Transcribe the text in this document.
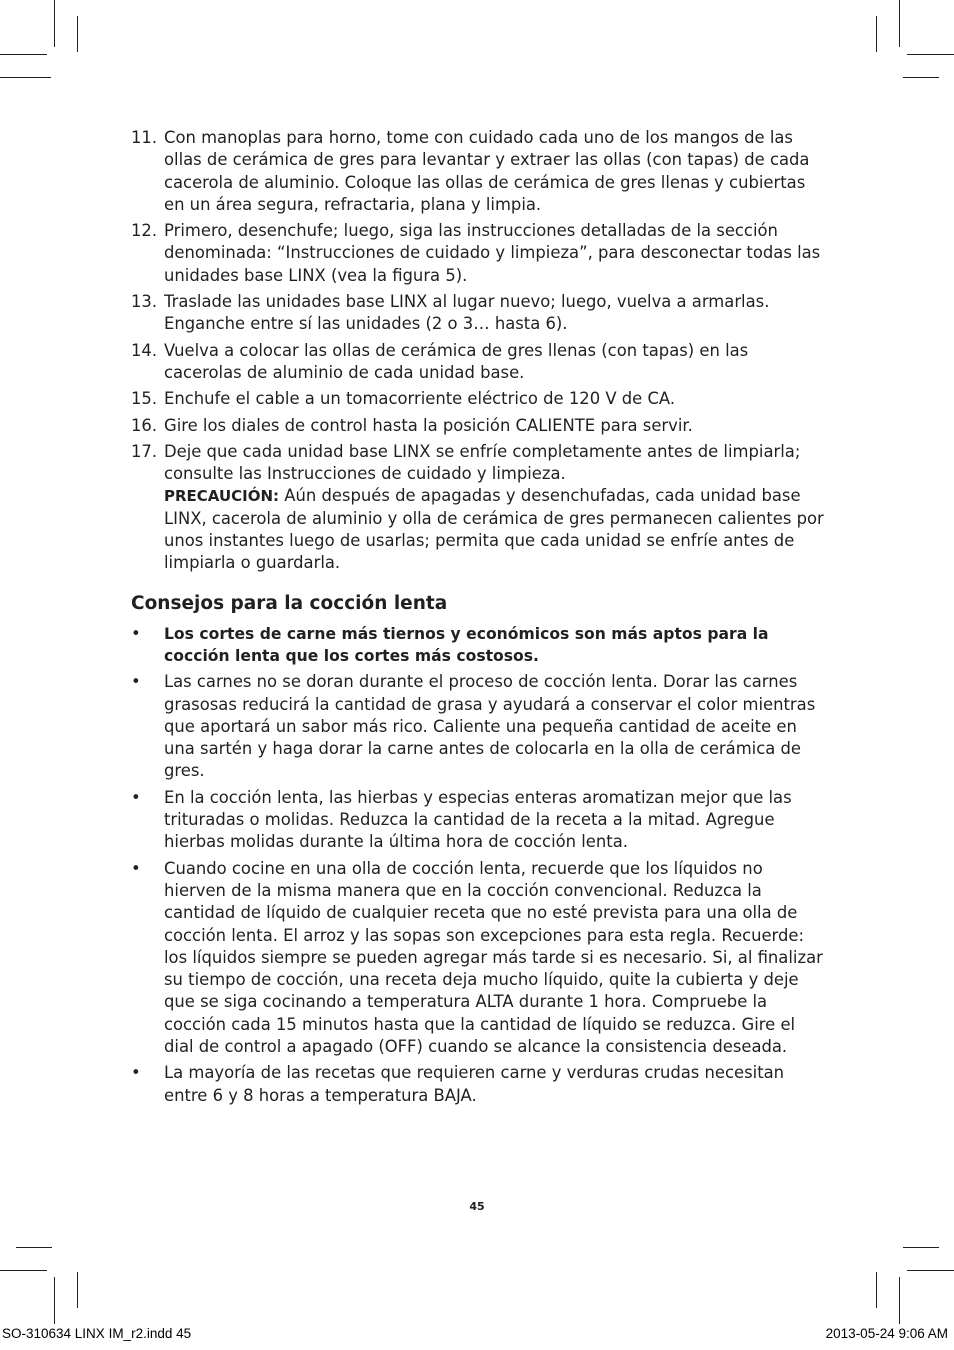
11. Con manoplas para horno, tome con cuidado cada uno de los mangos de las ollas de cerámica de gres para levantar y extraer las ollas (con tapas) de cada cacerola de aluminio. Coloque las ollas de cerámica de gres llenas y cubiertas en un área segura, refractaria, plana y limpia.
12. Primero, desenchufe; luego, siga las instrucciones detalladas de la sección denominada: “Instrucciones de cuidado y limpieza”, para desconectar todas las unidades base LINX (vea la figura 5).
13. Traslade las unidades base LINX al lugar nuevo; luego, vuelva a armarlas. Enganche entre sí las unidades (2 o 3… hasta 6).
14. Vuelva a colocar las ollas de cerámica de gres llenas (con tapas) en las cacerolas de aluminio de cada unidad base.
15. Enchufe el cable a un tomacorriente eléctrico de 120 V de CA.
16. Gire los diales de control hasta la posición CALIENTE para servir.
17. Deje que cada unidad base LINX se enfríe completamente antes de limpiarla; consulte las Instrucciones de cuidado y limpieza.
PRECAUCIÓN: Aún después de apagadas y desenchufadas, cada unidad base LINX, cacerola de aluminio y olla de cerámica de gres permanecen calientes por unos instantes luego de usarlas; permita que cada unidad se enfríe antes de limpiarla o guardarla.
Consejos para la cocción lenta
•	Los cortes de carne más tiernos y económicos son más aptos para la cocción lenta que los cortes más costosos.
•	Las carnes no se doran durante el proceso de cocción lenta. Dorar las carnes grasosas reducirá la cantidad de grasa y ayudará a conservar el color mientras que aportará un sabor más rico. Caliente una pequeña cantidad de aceite en una sartén y haga dorar la carne antes de colocarla en la olla de cerámica de gres.
•	En la cocción lenta, las hierbas y especias enteras aromatizan mejor que las trituradas o molidas. Reduzca la cantidad de la receta a la mitad. Agregue hierbas molidas durante la última hora de cocción lenta.
•	Cuando cocine en una olla de cocción lenta, recuerde que los líquidos no hierven de la misma manera que en la cocción convencional. Reduzca la cantidad de líquido de cualquier receta que no esté prevista para una olla de cocción lenta. El arroz y las sopas son excepciones para esta regla. Recuerde: los líquidos siempre se pueden agregar más tarde si es necesario. Si, al finalizar su tiempo de cocción, una receta deja mucho líquido, quite la cubierta y deje que se siga cocinando a temperatura ALTA durante 1 hora. Compruebe la cocción cada 15 minutos hasta que la cantidad de líquido se reduzca. Gire el dial de control a apagado (OFF) cuando se alcance la consistencia deseada.
•	La mayoría de las recetas que requieren carne y verduras crudas necesitan entre 6 y 8 horas a temperatura BAJA.
45
SO-310634 LINX IM_r2.indd 45	2013-05-24 9:06 AM
